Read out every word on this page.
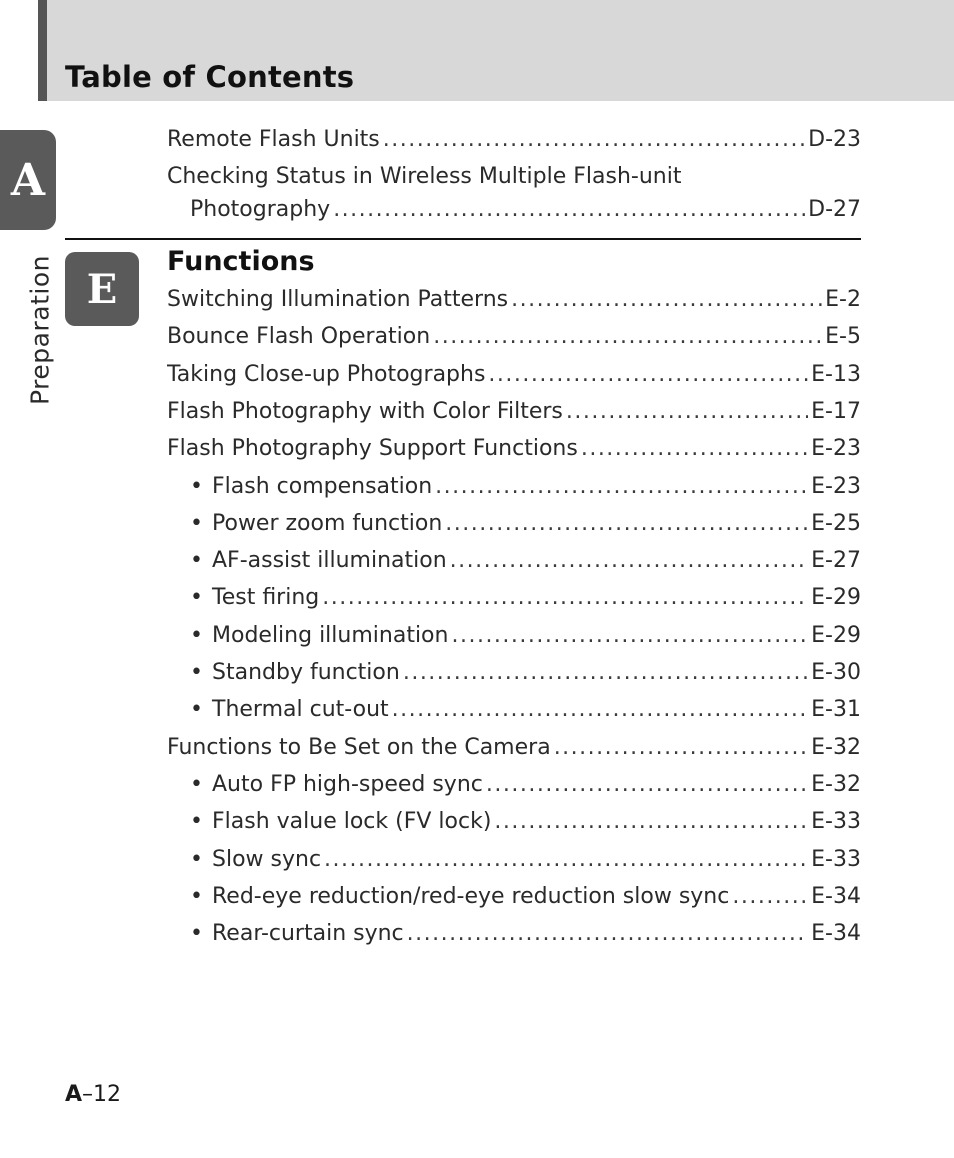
Table of Contents
A
Preparation
Remote Flash Units .....	D-23
Checking Status in Wireless Multiple Flash-unit
Photography .....	D-27
E
Functions
Switching Illumination Patterns .....	E-2
Bounce Flash Operation .....	E-5
Taking Close-up Photographs .....	E-13
Flash Photography with Color Filters .....	E-17
Flash Photography Support Functions .....	E-23
• Flash compensation .....	E-23
• Power zoom function .....	E-25
• AF-assist illumination .....	E-27
• Test firing .....	E-29
• Modeling illumination .....	E-29
• Standby function .....	E-30
• Thermal cut-out .....	E-31
Functions to Be Set on the Camera .....	E-32
• Auto FP high-speed sync .....	E-32
• Flash value lock (FV lock) .....	E-33
• Slow sync .....	E-33
• Red-eye reduction/red-eye reduction slow sync .....	E-34
• Rear-curtain sync .....	E-34
A–12
